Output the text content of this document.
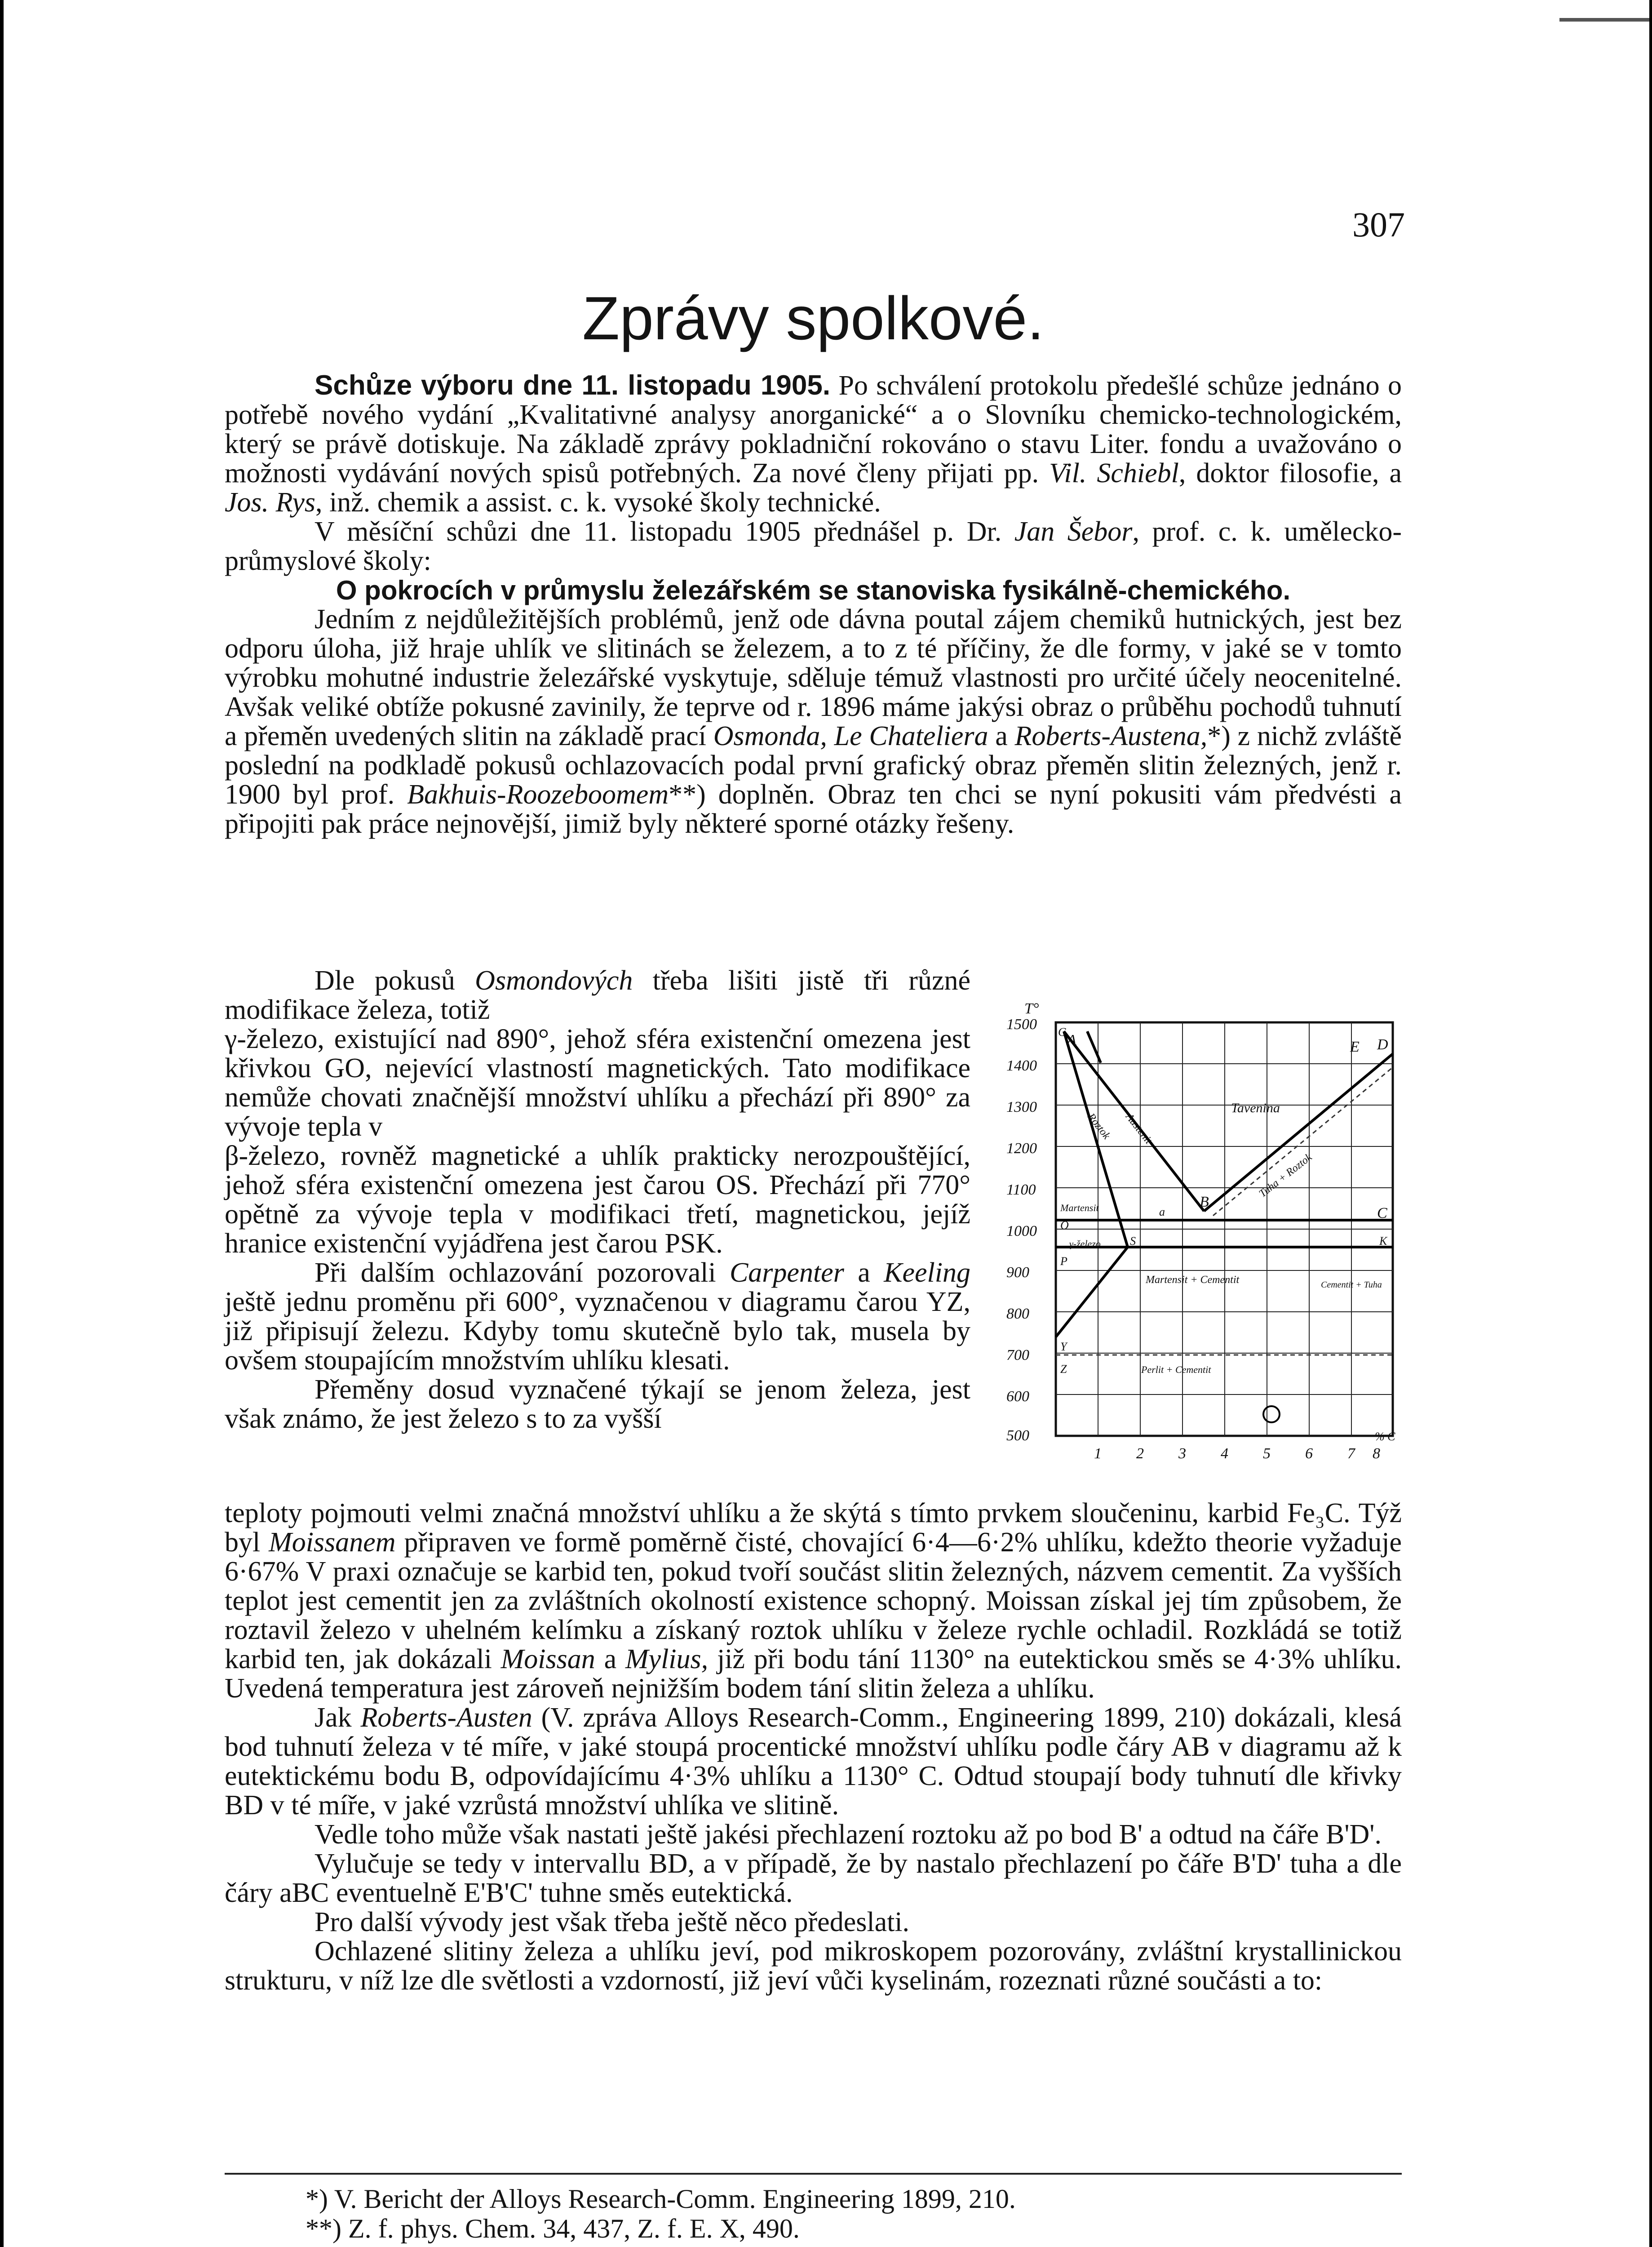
307
Zprávy spolkové.

Schůze výboru dne 11. listopadu 1905. Po schválení protokolu předešlé schůze jednáno o potřebě nového vydání „Kvalitativné analysy anorganické“ a o Slovníku chemicko-technologickém, který se právě dotiskuje. Na základě zprávy pokladniční rokováno o stavu Liter. fondu a uvažováno o možnosti vydávání nových spisů potřebných. Za nové členy přijati pp. Vil. Schiebl, doktor filosofie, a Jos. Rys, inž. chemik a assist. c. k. vysoké školy technické.

V měsíční schůzi dne 11. listopadu 1905 přednášel p. Dr. Jan Šebor, prof. c. k. umělecko-průmyslové školy:

O pokrocích v průmyslu železářském se stanoviska fysikálně-chemického.

Jedním z nejdůležitějších problémů, jenž ode dávna poutal zájem chemiků hutnických, jest bez odporu úloha, již hraje uhlík ve slitinách se železem, a to z té příčiny, že dle formy, v jaké se v tomto výrobku mohutné industrie železářské vyskytuje, sděluje témuž vlastnosti pro určité účely neocenitelné. Avšak veliké obtíže pokusné zavinily, že teprve od r. 1896 máme jakýsi obraz o průběhu pochodů tuhnutí a přeměn uvedených slitin na základě prací Osmonda, Le Chateliera a Roberts-Austena,*) z nichž zvláště poslední na podkladě pokusů ochlazovacích podal první grafický obraz přeměn slitin železných, jenž r. 1900 byl prof. Bakhuis-Roozeboomem**) doplněn. Obraz ten chci se nyní pokusiti vám předvésti a připojiti pak práce nejnovější, jimiž byly některé sporné otázky řešeny.

Dle pokusů Osmondových třeba lišiti jistě tři různé modifikace železa, totiž

γ-železo, existující nad 890°, jehož sféra existenční omezena jest křivkou GO, nejevící vlastností magnetických. Tato modifikace nemůže chovati značnější množství uhlíku a přechází při 890° za vývoje tepla v

β-železo, rovněž magnetické a uhlík prakticky nerozpouštějící, jehož sféra existenční omezena jest čarou OS. Přechází při 770° opětně za vývoje tepla v modifikaci třetí, magnetickou, jejíž hranice existenční vyjádřena jest čarou PSK.

Při dalším ochlazování pozorovali Carpenter a Keeling ještě jednu proměnu při 600°, vyznačenou v diagramu čarou YZ, již připisují železu. Kdyby tomu skutečně bylo tak, musela by ovšem stoupajícím množstvím uhlíku klesati.

Přeměny dosud vyznačené týkají se jenom železa, jest však známo, že jest železo s to za vyšší

T°
1500
1400
1300
1200
1100
1000
900
800
700
600
500
1 2 3 4 5 6 7 8
% C
A
B
D
C
E
G
O
S
P
K
Y
Z
a
Roztok
Tavenina
Austenit
Tuha + Roztok
Martensit
γ-železo
Martensit + Cementit	Cementit + Tuha
Perlit + Cementit

teploty pojmouti velmi značná množství uhlíku a že skýtá s tímto prvkem sloučeninu, karbid Fe₃C. Týž byl Moissanem připraven ve formě poměrně čisté, chovající 6·4—6·2% uhlíku, kdežto theorie vyžaduje 6·67% V praxi označuje se karbid ten, pokud tvoří součást slitin železných, názvem cementit. Za vyšších teplot jest cementit jen za zvláštních okolností existence schopný. Moissan získal jej tím způsobem, že roztavil železo v uhelném kelímku a získaný roztok uhlíku v železe rychle ochladil. Rozkládá se totiž karbid ten, jak dokázali Moissan a Mylius, již při bodu tání 1130° na eutektickou směs se 4·3% uhlíku. Uvedená temperatura jest zároveň nejnižším bodem tání slitin železa a uhlíku.

Jak Roberts-Austen (V. zpráva Alloys Research-Comm., Engineering 1899, 210) dokázali, klesá bod tuhnutí železa v té míře, v jaké stoupá procentické množství uhlíku podle čáry AB v diagramu až k eutektickému bodu B, odpovídajícímu 4·3% uhlíku a 1130° C. Odtud stoupají body tuhnutí dle křivky BD v té míře, v jaké vzrůstá množství uhlíka ve slitině.

Vedle toho může však nastati ještě jakési přechlazení roztoku až po bod B' a odtud na čáře B'D'.

Vylučuje se tedy v intervallu BD, a v případě, že by nastalo přechlazení po čáře B'D' tuha a dle čáry aBC eventuelně E'B'C' tuhne směs eutektická.

Pro další vývody jest však třeba ještě něco předeslati.

Ochlazené slitiny železa a uhlíku jeví, pod mikroskopem pozorovány, zvláštní krystallinickou strukturu, v níž lze dle světlosti a vzdorností, již jeví vůči kyselinám, rozeznati různé součásti a to:

*) V. Bericht der Alloys Research-Comm. Engineering 1899, 210.

**) Z. f. phys. Chem. 34, 437, Z. f. E. X, 490.
